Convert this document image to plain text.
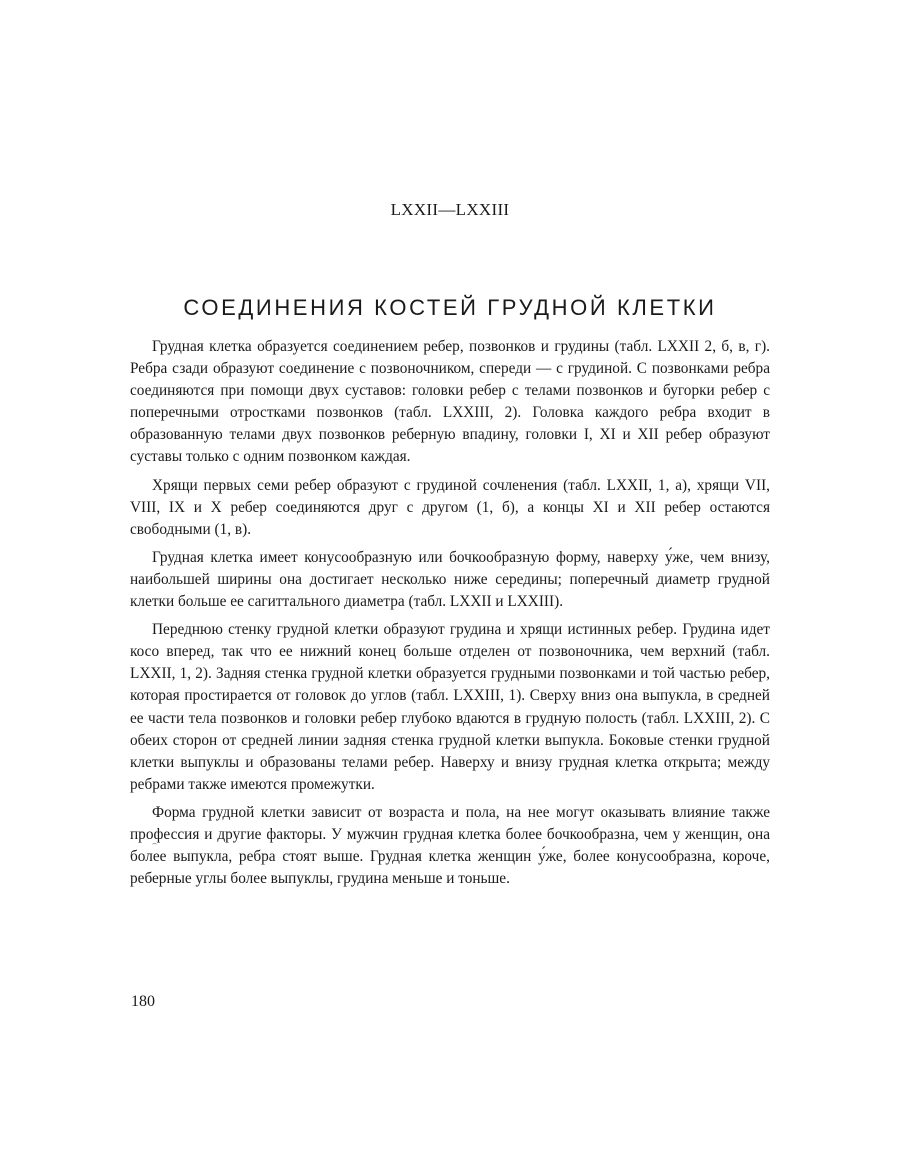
LXXII—LXXIII
СОЕДИНЕНИЯ КОСТЕЙ ГРУДНОЙ КЛЕТКИ

Грудная клетка образуется соединением ребер, позвонков и грудины (табл. LXXII 2, б, в, г). Ребра сзади образуют соединение с позвоночником, спереди — с грудиной. С позвонками ребра соединяются при помощи двух суставов: головки ребер с телами позвонков и бугорки ребер с поперечными отростками позвонков (табл. LXXIII, 2). Головка каждого ребра входит в образованную телами двух позвонков реберную впадину, головки I, XI и XII ребер образуют суставы только с одним позвонком каждая.

Хрящи первых семи ребер образуют с грудиной сочленения (табл. LXXII, 1, а), хрящи VII, VIII, IX и X ребер соединяются друг с другом (1, б), а концы XI и XII ребер остаются свободными (1, в).

Грудная клетка имеет конусообразную или бочкообразную форму, наверху у́же, чем внизу, наибольшей ширины она достигает несколько ниже середины; поперечный диаметр грудной клетки больше ее сагиттального диаметра (табл. LXXII и LXXIII).

Переднюю стенку грудной клетки образуют грудина и хрящи истинных ребер. Грудина идет косо вперед, так что ее нижний конец больше отделен от позвоночника, чем верхний (табл. LXXII, 1, 2). Задняя стенка грудной клетки образуется грудными позвонками и той частью ребер, которая простирается от головок до углов (табл. LXXIII, 1). Сверху вниз она выпукла, в средней ее части тела позвонков и головки ребер глубоко вдаются в грудную полость (табл. LXXIII, 2). С обеих сторон от средней линии задняя стенка грудной клетки выпукла. Боковые стенки грудной клетки выпуклы и образованы телами ребер. Наверху и внизу грудная клетка открыта; между ребрами также имеются промежутки.

Форма грудной клетки зависит от возраста и пола, на нее могут оказывать влияние также профессия и другие факторы. У мужчин грудная клетка более бочкообразна, чем у женщин, она более выпукла, ребра стоят выше. Грудная клетка женщин у́же, более конусообразна, короче, реберные углы более выпуклы, грудина меньше и тоньше.

180
